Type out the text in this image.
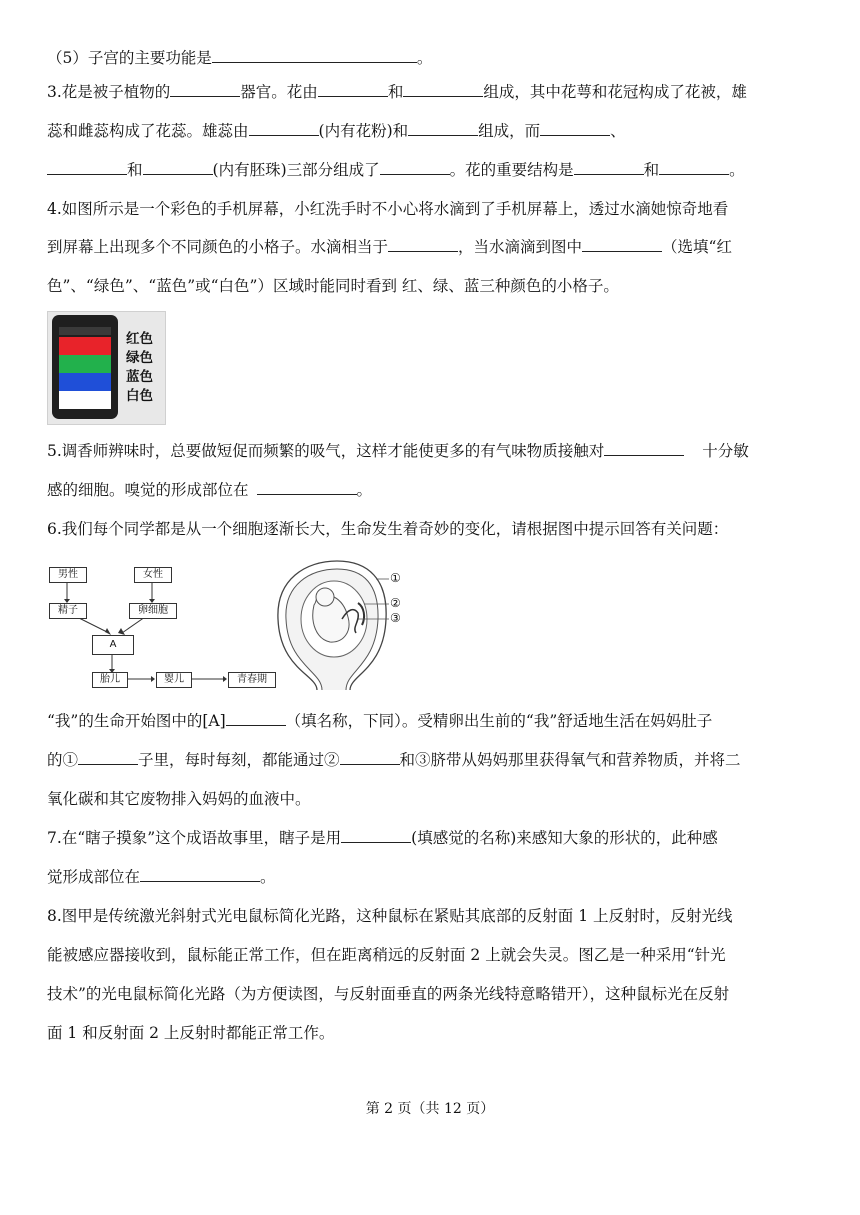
（5）子宫的主要功能是	。
3.花是被子植物的	器官。花由	和	组成，其中花萼和花冠构成了花被，雄
蕊和雌蕊构成了花蕊。雄蕊由	(内有花粉)和	组成，而	、
和	(内有胚珠)三部分组成了	。花的重要结构是	和	。
4.如图所示是一个彩色的手机屏幕，小红洗手时不小心将水滴到了手机屏幕上，透过水滴她惊奇地看
到屏幕上出现多个不同颜色的小格子。水滴相当于	，当水滴滴到图中	（选填“红
色”、“绿色”、“蓝色”或“白色”）区域时能同时看到 红、绿、蓝三种颜色的小格子。
红色
绿色
蓝色
白色
5.调香师辨味时，总要做短促而频繁的吸气，这样才能使更多的有气味物质接触对	十分敏
感的细胞。嗅觉的形成部位在	。
6.我们每个同学都是从一个细胞逐渐长大，生命发生着奇妙的变化，请根据图中提示回答有关问题：
男性	女性
精子	卵细胞
A
胎儿	婴儿	青春期
①
②
③
“我”的生命开始图中的[A]	（填名称，下同）。受精卵出生前的“我”舒适地生活在妈妈肚子
的①	子里，每时每刻，都能通过②	和③脐带从妈妈那里获得氧气和营养物质，并将二
氧化碳和其它废物排入妈妈的血液中。
7.在“瞎子摸象”这个成语故事里，瞎子是用	(填感觉的名称)来感知大象的形状的，此种感
觉形成部位在	。
8.图甲是传统激光斜射式光电鼠标简化光路，这种鼠标在紧贴其底部的反射面 1 上反射时，反射光线
能被感应器接收到，鼠标能正常工作，但在距离稍远的反射面 2 上就会失灵。图乙是一种采用“针光
技术”的光电鼠标简化光路（为方便读图，与反射面垂直的两条光线特意略错开），这种鼠标光在反射
面 1 和反射面 2 上反射时都能正常工作。
第 2 页（共 12 页）
